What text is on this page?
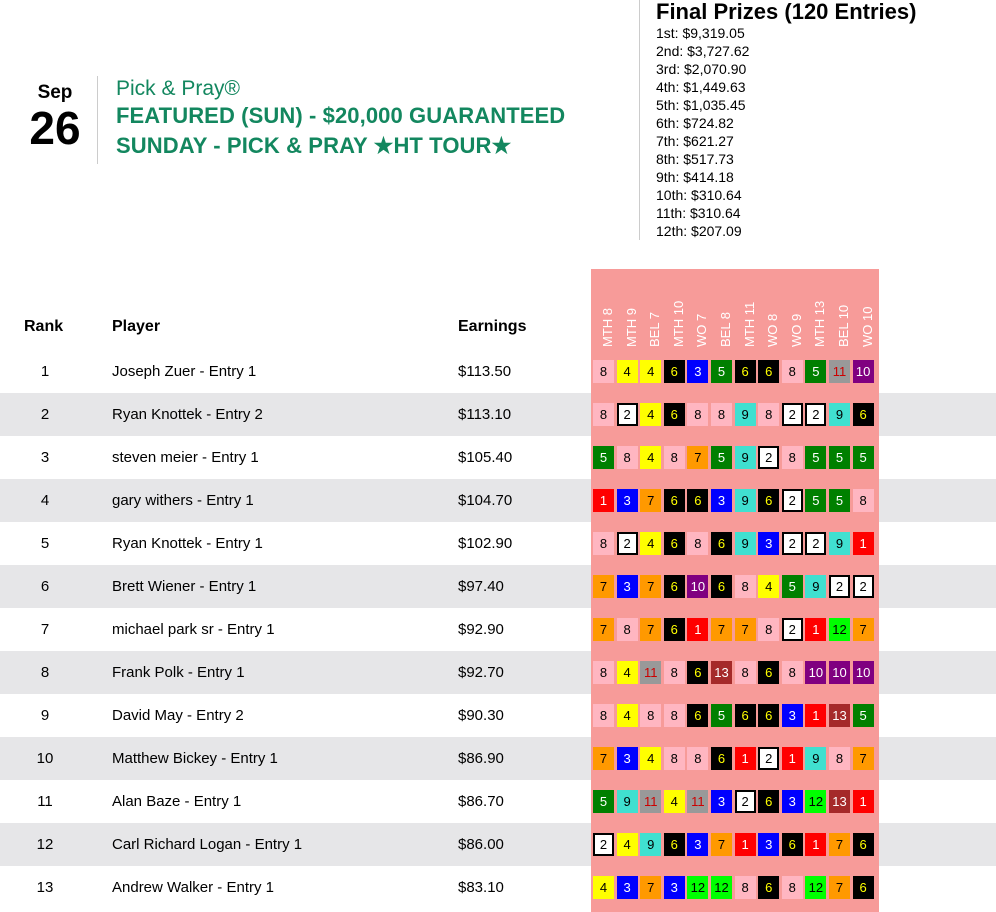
Sep
26
Pick & Pray®
FEATURED (SUN) - $20,000 GUARANTEED
SUNDAY - PICK & PRAY ★HT TOUR★
Final Prizes (120 Entries)
1st: $9,319.05
2nd: $3,727.62
3rd: $2,070.90
4th: $1,449.63
5th: $1,035.45
6th: $724.82
7th: $621.27
8th: $517.73
9th: $414.18
10th: $310.64
11th: $310.64
12th: $207.09
Rank	Player	Earnings	MTH 8 MTH 9 BEL 7 MTH 10 WO 7 BEL 8 MTH 11 WO 8 WO 9 MTH 13 BEL 10 WO 10
1	Joseph Zuer - Entry 1	$113.50	8	4	4	6	3	5	6	6	8	5	11 10
2	Ryan Knottek - Entry 2	$113.10	8	2	4	6	8	8	9	8	2	2	9	6
3	steven meier - Entry 1	$105.40	5	8	4	8	7	5	9	2	8	5	5	5
4	gary withers - Entry 1	$104.70	1	3	7	6	6	3	9	6	2	5	5	8
5	Ryan Knottek - Entry 1	$102.90	8	2	4	6	8	6	9	3	2	2	9	1
6	Brett Wiener - Entry 1	$97.40	7	3	7	6 10 6	8	4	5	9	2	2
7	michael park sr - Entry 1	$92.90	7	8	7	6	1	7	7	8	2	1 12 7
8	Frank Polk - Entry 1	$92.70	8	4	11	8	6 13 8	6	8 10 10 10
9	David May - Entry 2	$90.30	8	4	8	8	6	5	6	6	3	1 13 5
10	Matthew Bickey - Entry 1	$86.90	7	3	4	8	8	6	1	2	1	9	8	7
11	Alan Baze - Entry 1	$86.70	5	9	11	4	11	3	2	6	3 12 13 1
12	Carl Richard Logan - Entry 1	$86.00	2	4	9	6	3	7	1	3	6	1	7	6
13	Andrew Walker - Entry 1	$83.10	4	3	7	3 12 12 8	6	8 12 7	6
